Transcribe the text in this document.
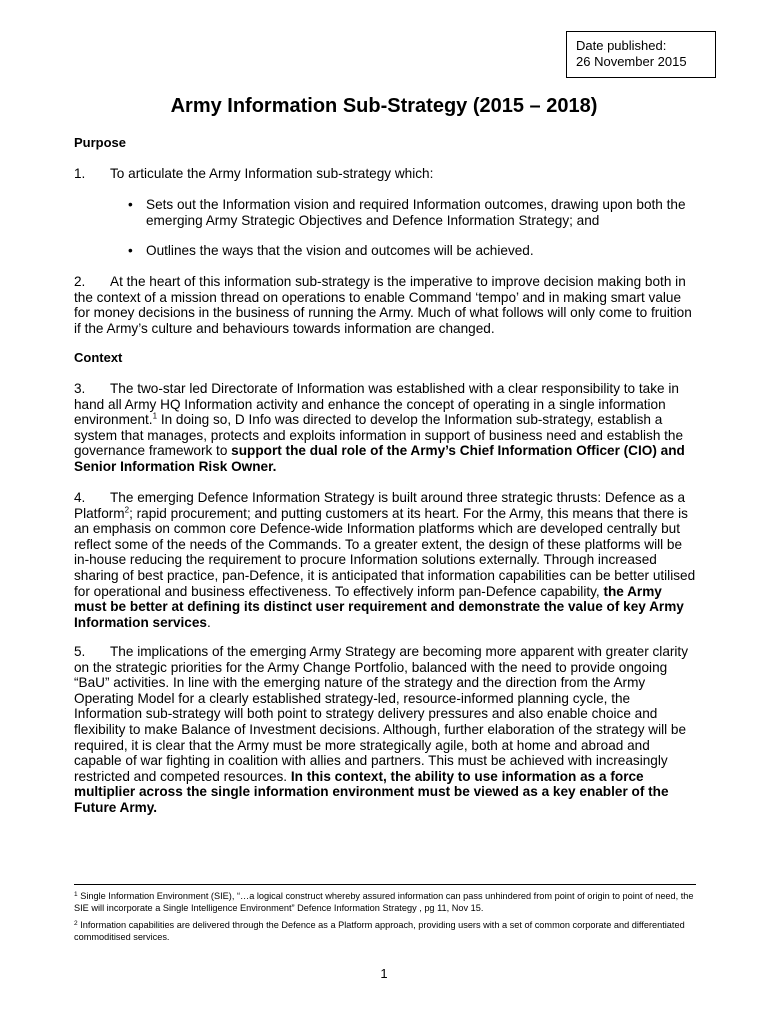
Date published:
26 November 2015
Army Information Sub-Strategy (2015 – 2018)
Purpose
1. To articulate the Army Information sub-strategy which:
• Sets out the Information vision and required Information outcomes, drawing upon both the emerging Army Strategic Objectives and Defence Information Strategy; and
• Outlines the ways that the vision and outcomes will be achieved.
2. At the heart of this information sub-strategy is the imperative to improve decision making both in the context of a mission thread on operations to enable Command ‘tempo’ and in making smart value for money decisions in the business of running the Army. Much of what follows will only come to fruition if the Army’s culture and behaviours towards information are changed.
Context
3. The two-star led Directorate of Information was established with a clear responsibility to take in hand all Army HQ Information activity and enhance the concept of operating in a single information environment.$^1$ In doing so, D Info was directed to develop the Information sub-strategy, establish a system that manages, protects and exploits information in support of business need and establish the governance framework to support the dual role of the Army’s Chief Information Officer (CIO) and Senior Information Risk Owner.
4. The emerging Defence Information Strategy is built around three strategic thrusts: Defence as a Platform$^2$; rapid procurement; and putting customers at its heart. For the Army, this means that there is an emphasis on common core Defence-wide Information platforms which are developed centrally but reflect some of the needs of the Commands. To a greater extent, the design of these platforms will be in-house reducing the requirement to procure Information solutions externally. Through increased sharing of best practice, pan-Defence, it is anticipated that information capabilities can be better utilised for operational and business effectiveness. To effectively inform pan-Defence capability, the Army must be better at defining its distinct user requirement and demonstrate the value of key Army Information services.
5. The implications of the emerging Army Strategy are becoming more apparent with greater clarity on the strategic priorities for the Army Change Portfolio, balanced with the need to provide ongoing “BaU” activities. In line with the emerging nature of the strategy and the direction from the Army Operating Model for a clearly established strategy-led, resource-informed planning cycle, the Information sub-strategy will both point to strategy delivery pressures and also enable choice and flexibility to make Balance of Investment decisions. Although, further elaboration of the strategy will be required, it is clear that the Army must be more strategically agile, both at home and abroad and capable of war fighting in coalition with allies and partners. This must be achieved with increasingly restricted and competed resources. In this context, the ability to use information as a force multiplier across the single information environment must be viewed as a key enabler of the Future Army.
$^1$ Single Information Environment (SIE), “…a logical construct whereby assured information can pass unhindered from point of origin to point of need, the SIE will incorporate a Single Intelligence Environment” Defence Information Strategy , pg 11, Nov 15.
$^2$ Information capabilities are delivered through the Defence as a Platform approach, providing users with a set of common corporate and differentiated commoditised services.
1
